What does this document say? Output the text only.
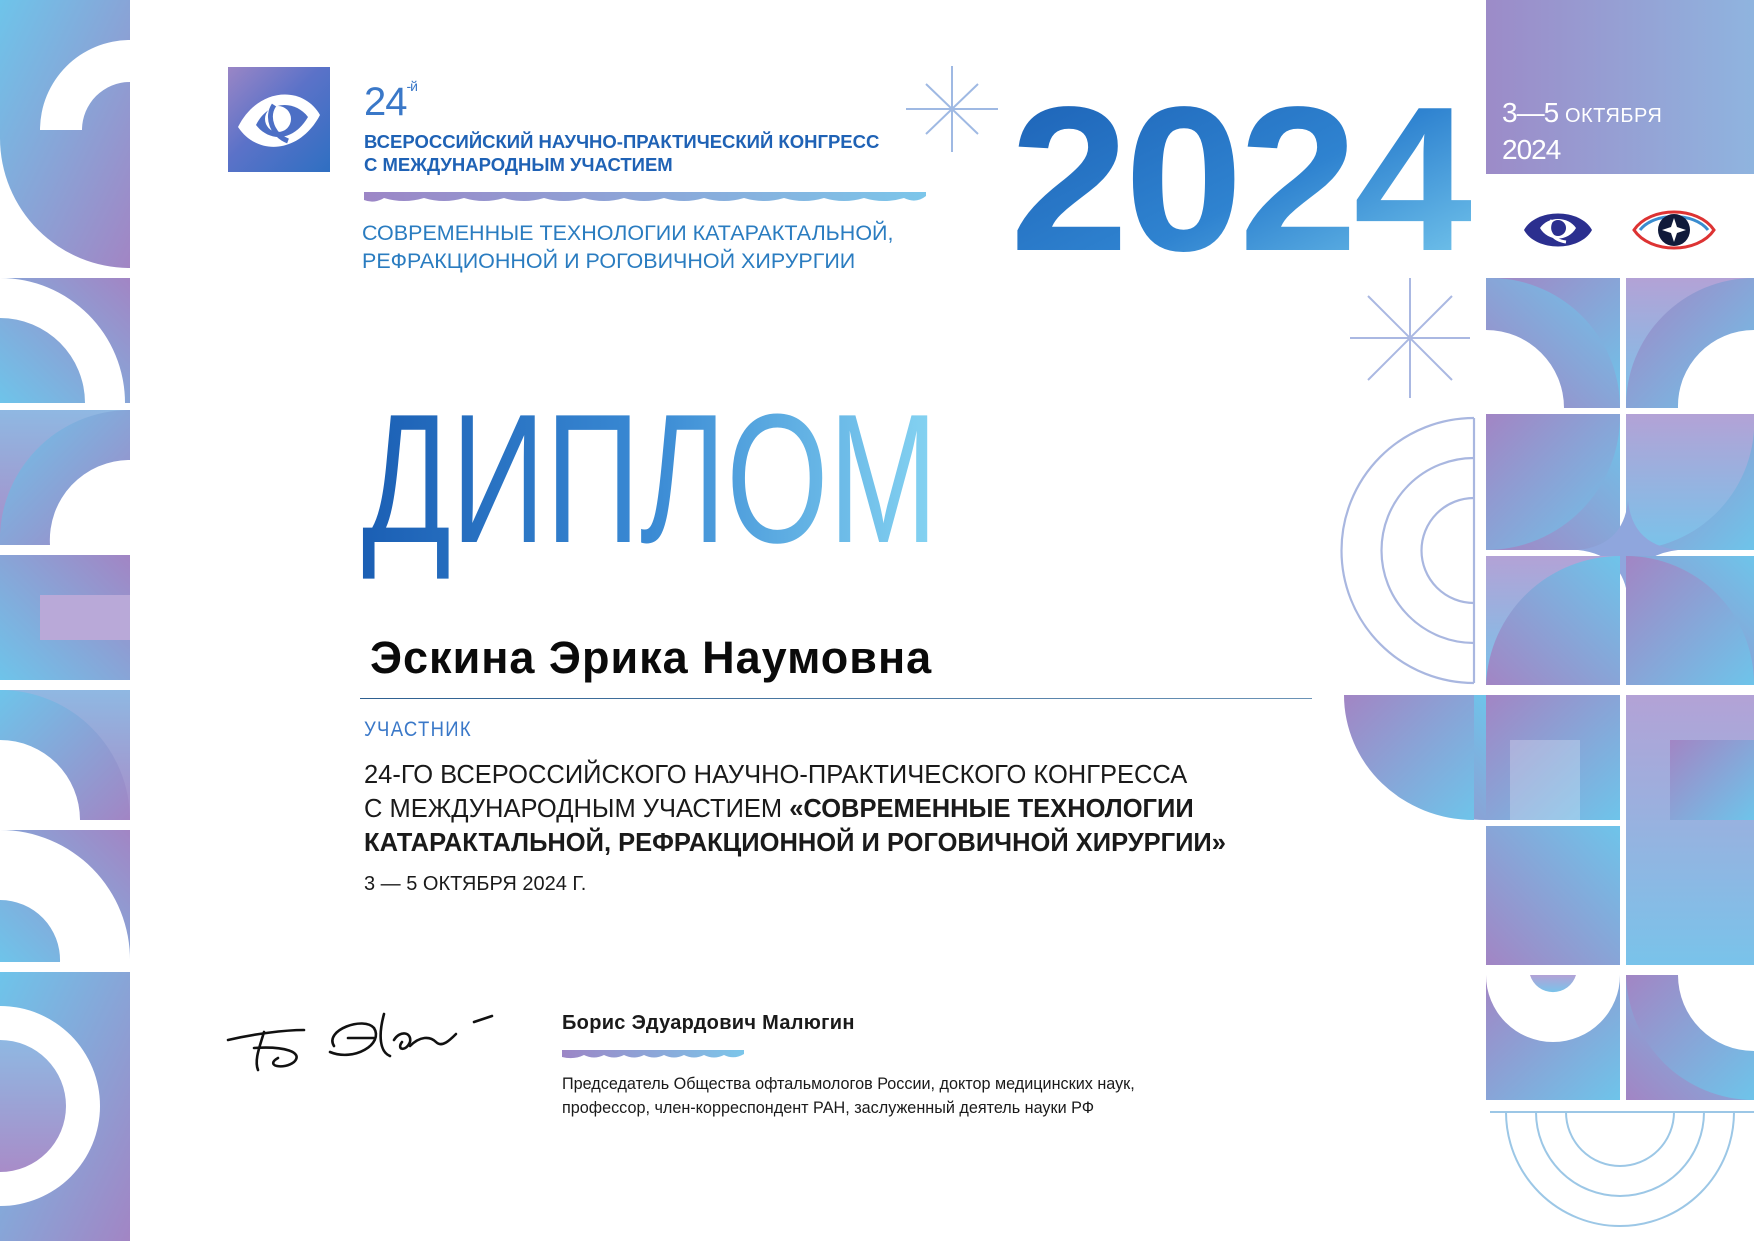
$24^{-й}$
ВСЕРОССИЙСКИЙ НАУЧНО-ПРАКТИЧЕСКИЙ КОНГРЕСС
С МЕЖДУНАРОДНЫМ УЧАСТИЕМ
СОВРЕМЕННЫЕ ТЕХНОЛОГИИ КАТАРАКТАЛЬНОЙ,
РЕФРАКЦИОННОЙ И РОГОВИЧНОЙ ХИРУРГИИ 2024 3—5 ОКТЯБРЯ
2024
ДИПЛОМ
Эскина Эрика Наумовна
УЧАСТНИК
24-ГО ВСЕРОССИЙСКОГО НАУЧНО-ПРАКТИЧЕСКОГО КОНГРЕССА
С МЕЖДУНАРОДНЫМ УЧАСТИЕМ «СОВРЕМЕННЫЕ ТЕХНОЛОГИИ
КАТАРАКТАЛЬНОЙ, РЕФРАКЦИОННОЙ И РОГОВИЧНОЙ ХИРУРГИИ»
3 — 5 ОКТЯБРЯ 2024 Г.
Борис Эдуардович Малюгин
Председатель Общества офтальмологов России, доктор медицинских наук,
профессор, член-корреспондент РАН, заслуженный деятель науки РФ
